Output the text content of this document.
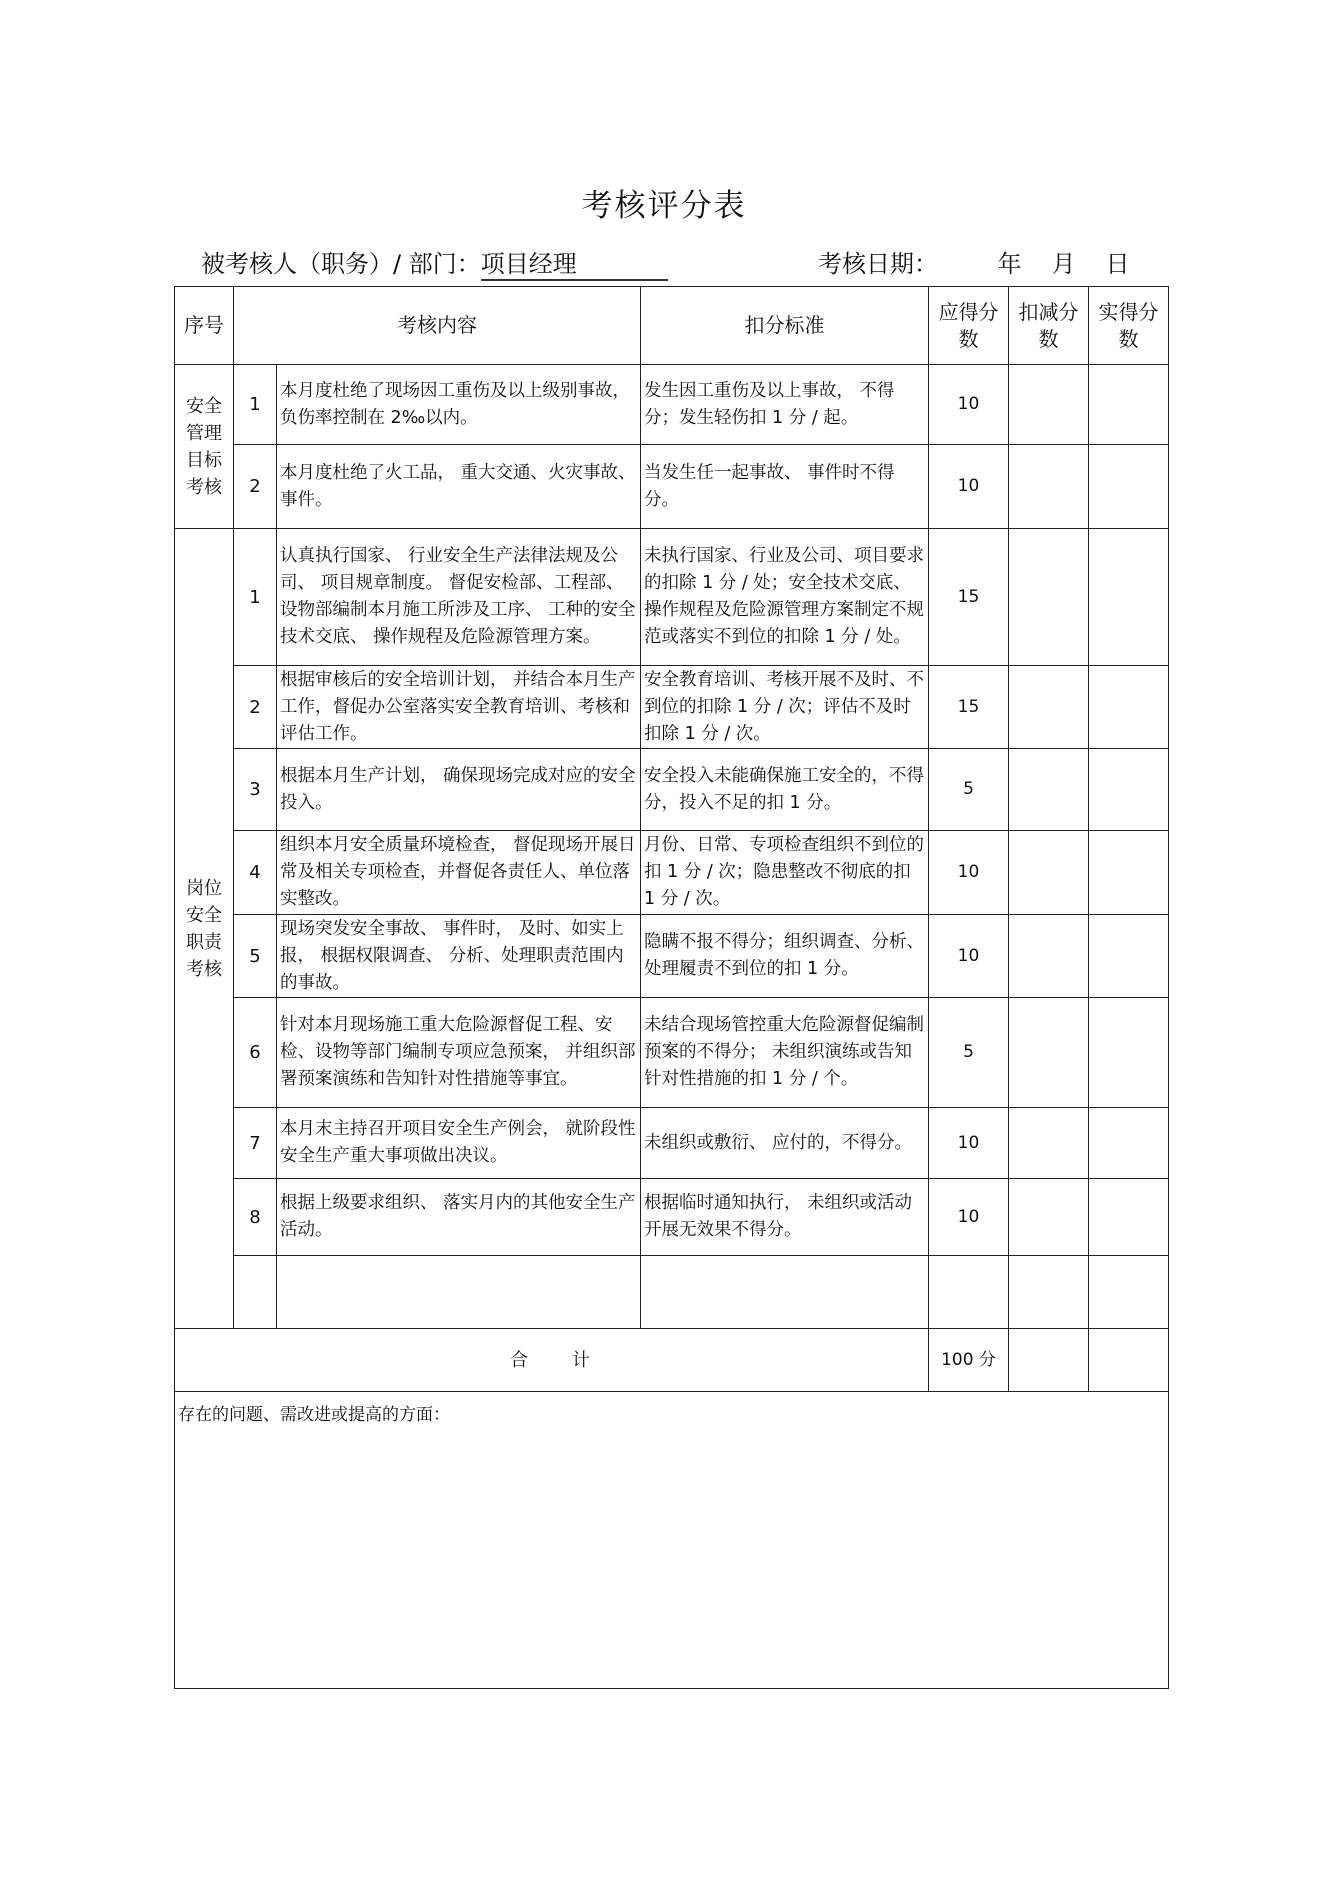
考核评分表
被考核人（职务）/ 部门：项目经理	考核日期： 年 月 日
序号	考核内容		扣分标准	应得分数	扣减分数	实得分数
安全管理目标考核	1	本月度杜绝了现场因工重伤及以上级别事故，负伤率控制在 2‰以内。	发生因工重伤及以上事故， 不得分；发生轻伤扣 1 分 / 起。	10		
	2	本月度杜绝了火工品， 重大交通、火灾事故、事件。	当发生任一起事故、 事件时不得分。	10		
岗位安全职责考核	1	认真执行国家、 行业安全生产法律法规及公司、 项目规章制度。 督促安检部、工程部、设物部编制本月施工所涉及工序、 工种的安全技术交底、 操作规程及危险源管理方案。	未执行国家、行业及公司、项目要求的扣除 1 分 / 处；安全技术交底、操作规程及危险源管理方案制定不规范或落实不到位的扣除 1 分 / 处。	15		
	2	根据审核后的安全培训计划， 并结合本月生产工作，督促办公室落实安全教育培训、考核和评估工作。	安全教育培训、考核开展不及时、不到位的扣除 1 分 / 次；评估不及时扣除 1 分 / 次。	15		
	3	根据本月生产计划， 确保现场完成对应的安全投入。	安全投入未能确保施工安全的，不得分，投入不足的扣 1 分。	5		
	4	组织本月安全质量环境检查， 督促现场开展日常及相关专项检查，并督促各责任人、单位落实整改。	月份、日常、专项检查组织不到位的扣 1 分 / 次；隐患整改不彻底的扣 1 分 / 次。	10		
	5	现场突发安全事故、 事件时， 及时、如实上报， 根据权限调查、 分析、处理职责范围内的事故。	隐瞒不报不得分；组织调查、分析、处理履责不到位的扣 1 分。	10		
	6	针对本月现场施工重大危险源督促工程、安检、设物等部门编制专项应急预案， 并组织部署预案演练和告知针对性措施等事宜。	未结合现场管控重大危险源督促编制预案的不得分； 未组织演练或告知针对性措施的扣 1 分 / 个。	5		
	7	本月末主持召开项目安全生产例会， 就阶段性安全生产重大事项做出决议。	未组织或敷衍、 应付的，不得分。	10		
	8	根据上级要求组织、 落实月内的其他安全生产活动。	根据临时通知执行， 未组织或活动开展无效果不得分。	10		

合计				100 分		
存在的问题、需改进或提高的方面：						
